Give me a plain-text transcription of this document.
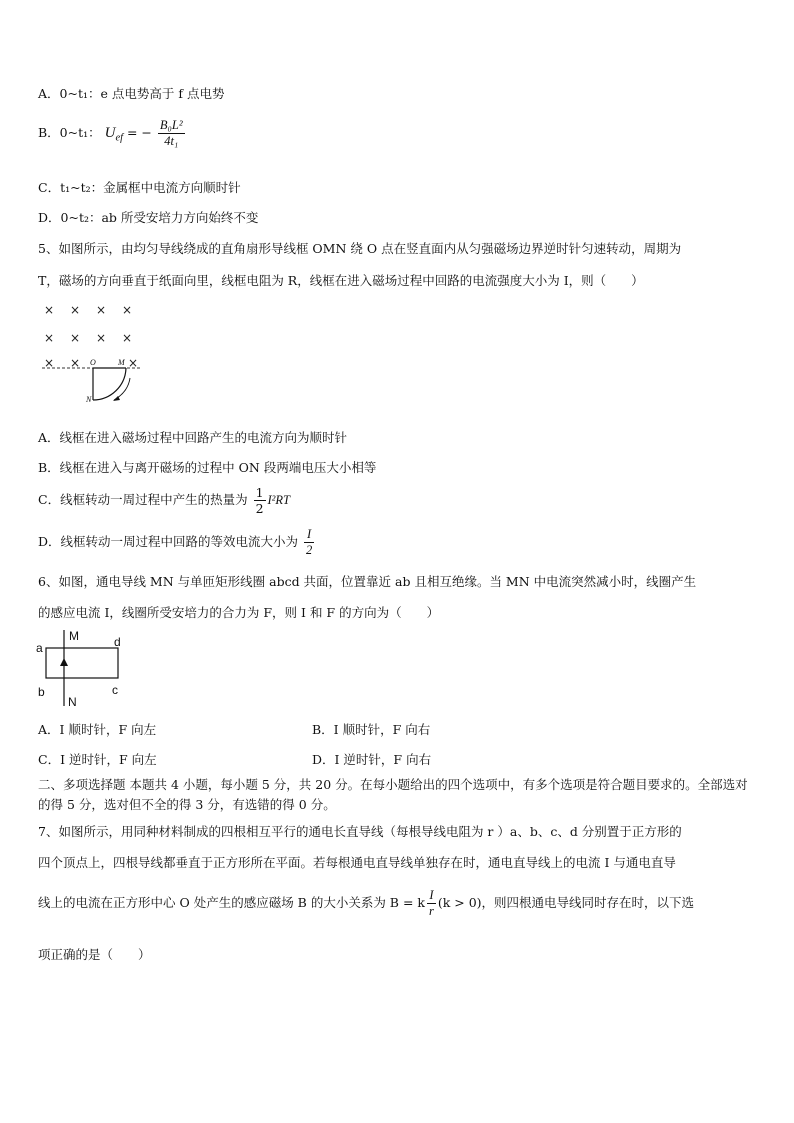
A．0~t₁：e 点电势高于 f 点电势
B．0~t₁： $U_{ef}$ = − $\frac{\text{B₀L²}}{\text{4t₁}}$
C．t₁~t₂：金属框中电流方向顺时针
D．0~t₂：ab 所受安培力方向始终不变
5、如图所示，由均匀导线绕成的直角扇形导线框 OMN 绕 O 点在竖直面内从匀强磁场边界逆时针匀速转动，周期为
T，磁场的方向垂直于纸面向里，线框电阻为 R，线框在进入磁场过程中回路的电流强度大小为 I，则（　　）
× × × ×
× × × ×
× ×	×
O	M
N
A．线框在进入磁场过程中回路产生的电流方向为顺时针
B．线框在进入与离开磁场的过程中 ON 段两端电压大小相等
C．线框转动一周过程中产生的热量为 $\frac{1}{2} I^2RT$
D．线框转动一周过程中回路的等效电流大小为 $\frac{I}{2}$
6、如图，通电导线 MN 与单匝矩形线圈 abcd 共面，位置靠近 ab 且相互绝缘。当 MN 中电流突然减小时，线圈产生
的感应电流 I，线圈所受安培力的合力为 F，则 I 和 F 的方向为（　　）
a
M	d
b	c
N
A．I 顺时针，F 向左	B．I 顺时针，F 向右
C．I 逆时针，F 向左	D．I 逆时针，F 向右
二、多项选择题 本题共 4 小题，每小题 5 分，共 20 分。在每小题给出的四个选项中，有多个选项是符合题目要求的。全部选对的得 5 分，选对但不全的得 3 分，有选错的得 0 分。
7、如图所示，用同种材料制成的四根相互平行的通电长直导线（每根导线电阻为 r ）a、b、c、d 分别置于正方形的
四个顶点上，四根导线都垂直于正方形所在平面。若每根通电直导线单独存在时，通电直导线上的电流 I 与通电直导
线上的电流在正方形中心 O 处产生的感应磁场 B 的大小关系为 B = k $\frac{I}{r} (k > 0)$，则四根通电导线同时存在时，以下选
项正确的是（　　）
